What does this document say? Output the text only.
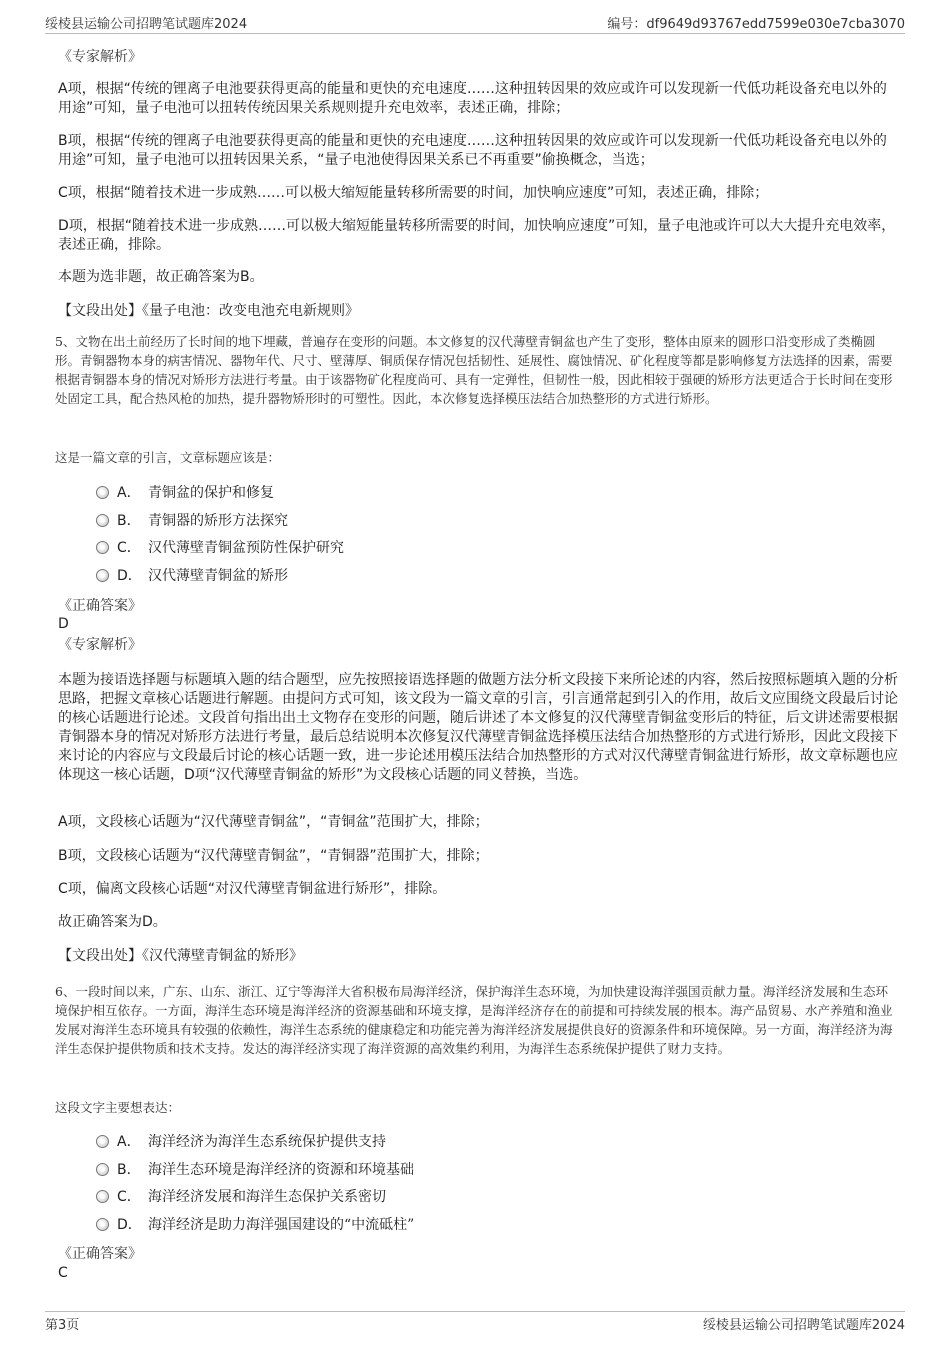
绥棱县运输公司招聘笔试题库2024	编号：df9649d93767edd7599e030e7cba3070
《专家解析》

A项，根据“传统的锂离子电池要获得更高的能量和更快的充电速度……这种扭转因果的效应或许可以发现新一代低功耗设备充电以外的用途”可知，量子电池可以扭转传统因果关系规则提升充电效率，表述正确，排除；

B项，根据“传统的锂离子电池要获得更高的能量和更快的充电速度……这种扭转因果的效应或许可以发现新一代低功耗设备充电以外的用途”可知，量子电池可以扭转因果关系，“量子电池使得因果关系已不再重要”偷换概念，当选；

C项，根据“随着技术进一步成熟……可以极大缩短能量转移所需要的时间，加快响应速度”可知，表述正确，排除；

D项，根据“随着技术进一步成熟……可以极大缩短能量转移所需要的时间，加快响应速度”可知，量子电池或许可以大大提升充电效率，表述正确，排除。

本题为选非题，故正确答案为B。

【文段出处】《量子电池：改变电池充电新规则》

5、文物在出土前经历了长时间的地下埋藏，普遍存在变形的问题。本文修复的汉代薄壁青铜盆也产生了变形，整体由原来的圆形口沿变形成了类椭圆形。青铜器物本身的病害情况、器物年代、尺寸、壁薄厚、铜质保存情况包括韧性、延展性、腐蚀情况、矿化程度等都是影响修复方法选择的因素，需要根据青铜器本身的情况对矫形方法进行考量。由于该器物矿化程度尚可、具有一定弹性，但韧性一般，因此相较于强硬的矫形方法更适合于长时间在变形处固定工具，配合热风枪的加热，提升器物矫形时的可塑性。因此，本次修复选择模压法结合加热整形的方式进行矫形。

这是一篇文章的引言，文章标题应该是：
A． 青铜盆的保护和修复
B． 青铜器的矫形方法探究
C． 汉代薄壁青铜盆预防性保护研究
D． 汉代薄壁青铜盆的矫形
《正确答案》
D
《专家解析》

本题为接语选择题与标题填入题的结合题型，应先按照接语选择题的做题方法分析文段接下来所论述的内容，然后按照标题填入题的分析思路，把握文章核心话题进行解题。由提问方式可知，该文段为一篇文章的引言，引言通常起到引入的作用，故后文应围绕文段最后讨论的核心话题进行论述。文段首句指出出土文物存在变形的问题，随后讲述了本文修复的汉代薄壁青铜盆变形后的特征，后文讲述需要根据青铜器本身的情况对矫形方法进行考量，最后总结说明本次修复汉代薄壁青铜盆选择模压法结合加热整形的方式进行矫形，因此文段接下来讨论的内容应与文段最后讨论的核心话题一致，进一步论述用模压法结合加热整形的方式对汉代薄壁青铜盆进行矫形，故文章标题也应体现这一核心话题，D项“汉代薄壁青铜盆的矫形”为文段核心话题的同义替换，当选。

A项，文段核心话题为“汉代薄壁青铜盆”，“青铜盆”范围扩大，排除；

B项，文段核心话题为“汉代薄壁青铜盆”，“青铜器”范围扩大，排除；

C项，偏离文段核心话题“对汉代薄壁青铜盆进行矫形”，排除。

故正确答案为D。

【文段出处】《汉代薄壁青铜盆的矫形》

6、一段时间以来，广东、山东、浙江、辽宁等海洋大省积极布局海洋经济，保护海洋生态环境，为加快建设海洋强国贡献力量。海洋经济发展和生态环境保护相互依存。一方面，海洋生态环境是海洋经济的资源基础和环境支撑，是海洋经济存在的前提和可持续发展的根本。海产品贸易、水产养殖和渔业发展对海洋生态环境具有较强的依赖性，海洋生态系统的健康稳定和功能完善为海洋经济发展提供良好的资源条件和环境保障。另一方面，海洋经济为海洋生态保护提供物质和技术支持。发达的海洋经济实现了海洋资源的高效集约利用，为海洋生态系统保护提供了财力支持。

这段文字主要想表达：
A． 海洋经济为海洋生态系统保护提供支持
B． 海洋生态环境是海洋经济的资源和环境基础
C． 海洋经济发展和海洋生态保护关系密切
D． 海洋经济是助力海洋强国建设的“中流砥柱”
《正确答案》
C
第3页	绥棱县运输公司招聘笔试题库2024
